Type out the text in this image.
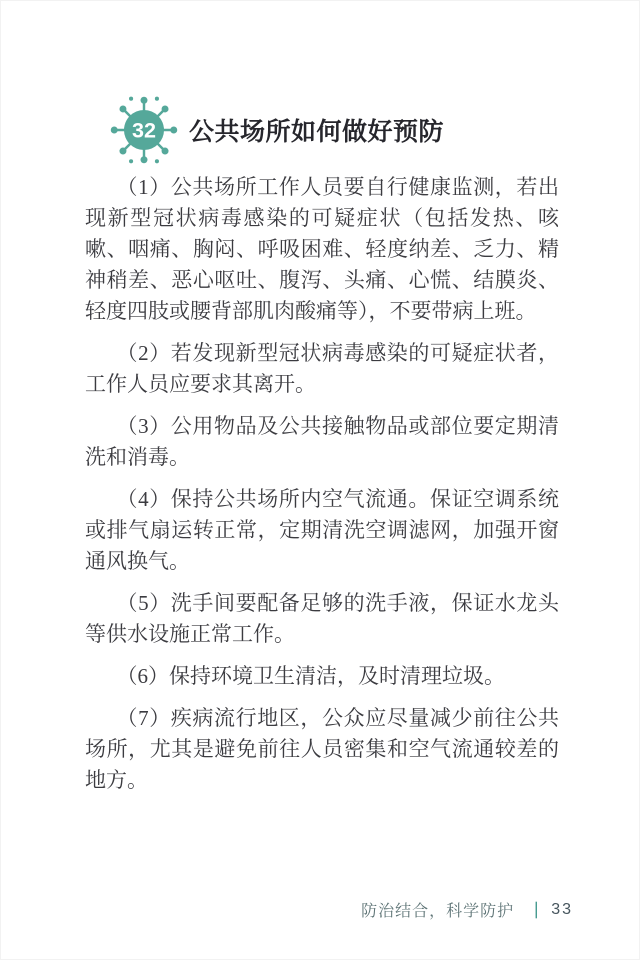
32 公共场所如何做好预防

（1）公共场所工作人员要自行健康监测，若出现新型冠状病毒感染的可疑症状（包括发热、咳嗽、咽痛、胸闷、呼吸困难、轻度纳差、乏力、精神稍差、恶心呕吐、腹泻、头痛、心慌、结膜炎、轻度四肢或腰背部肌肉酸痛等），不要带病上班。

（2）若发现新型冠状病毒感染的可疑症状者，工作人员应要求其离开。

（3）公用物品及公共接触物品或部位要定期清洗和消毒。

（4）保持公共场所内空气流通。保证空调系统或排气扇运转正常，定期清洗空调滤网，加强开窗通风换气。

（5）洗手间要配备足够的洗手液，保证水龙头等供水设施正常工作。

（6）保持环境卫生清洁，及时清理垃圾。

（7）疾病流行地区，公众应尽量减少前往公共场所，尤其是避免前往人员密集和空气流通较差的地方。

防治结合，科学防护 ｜ 33
